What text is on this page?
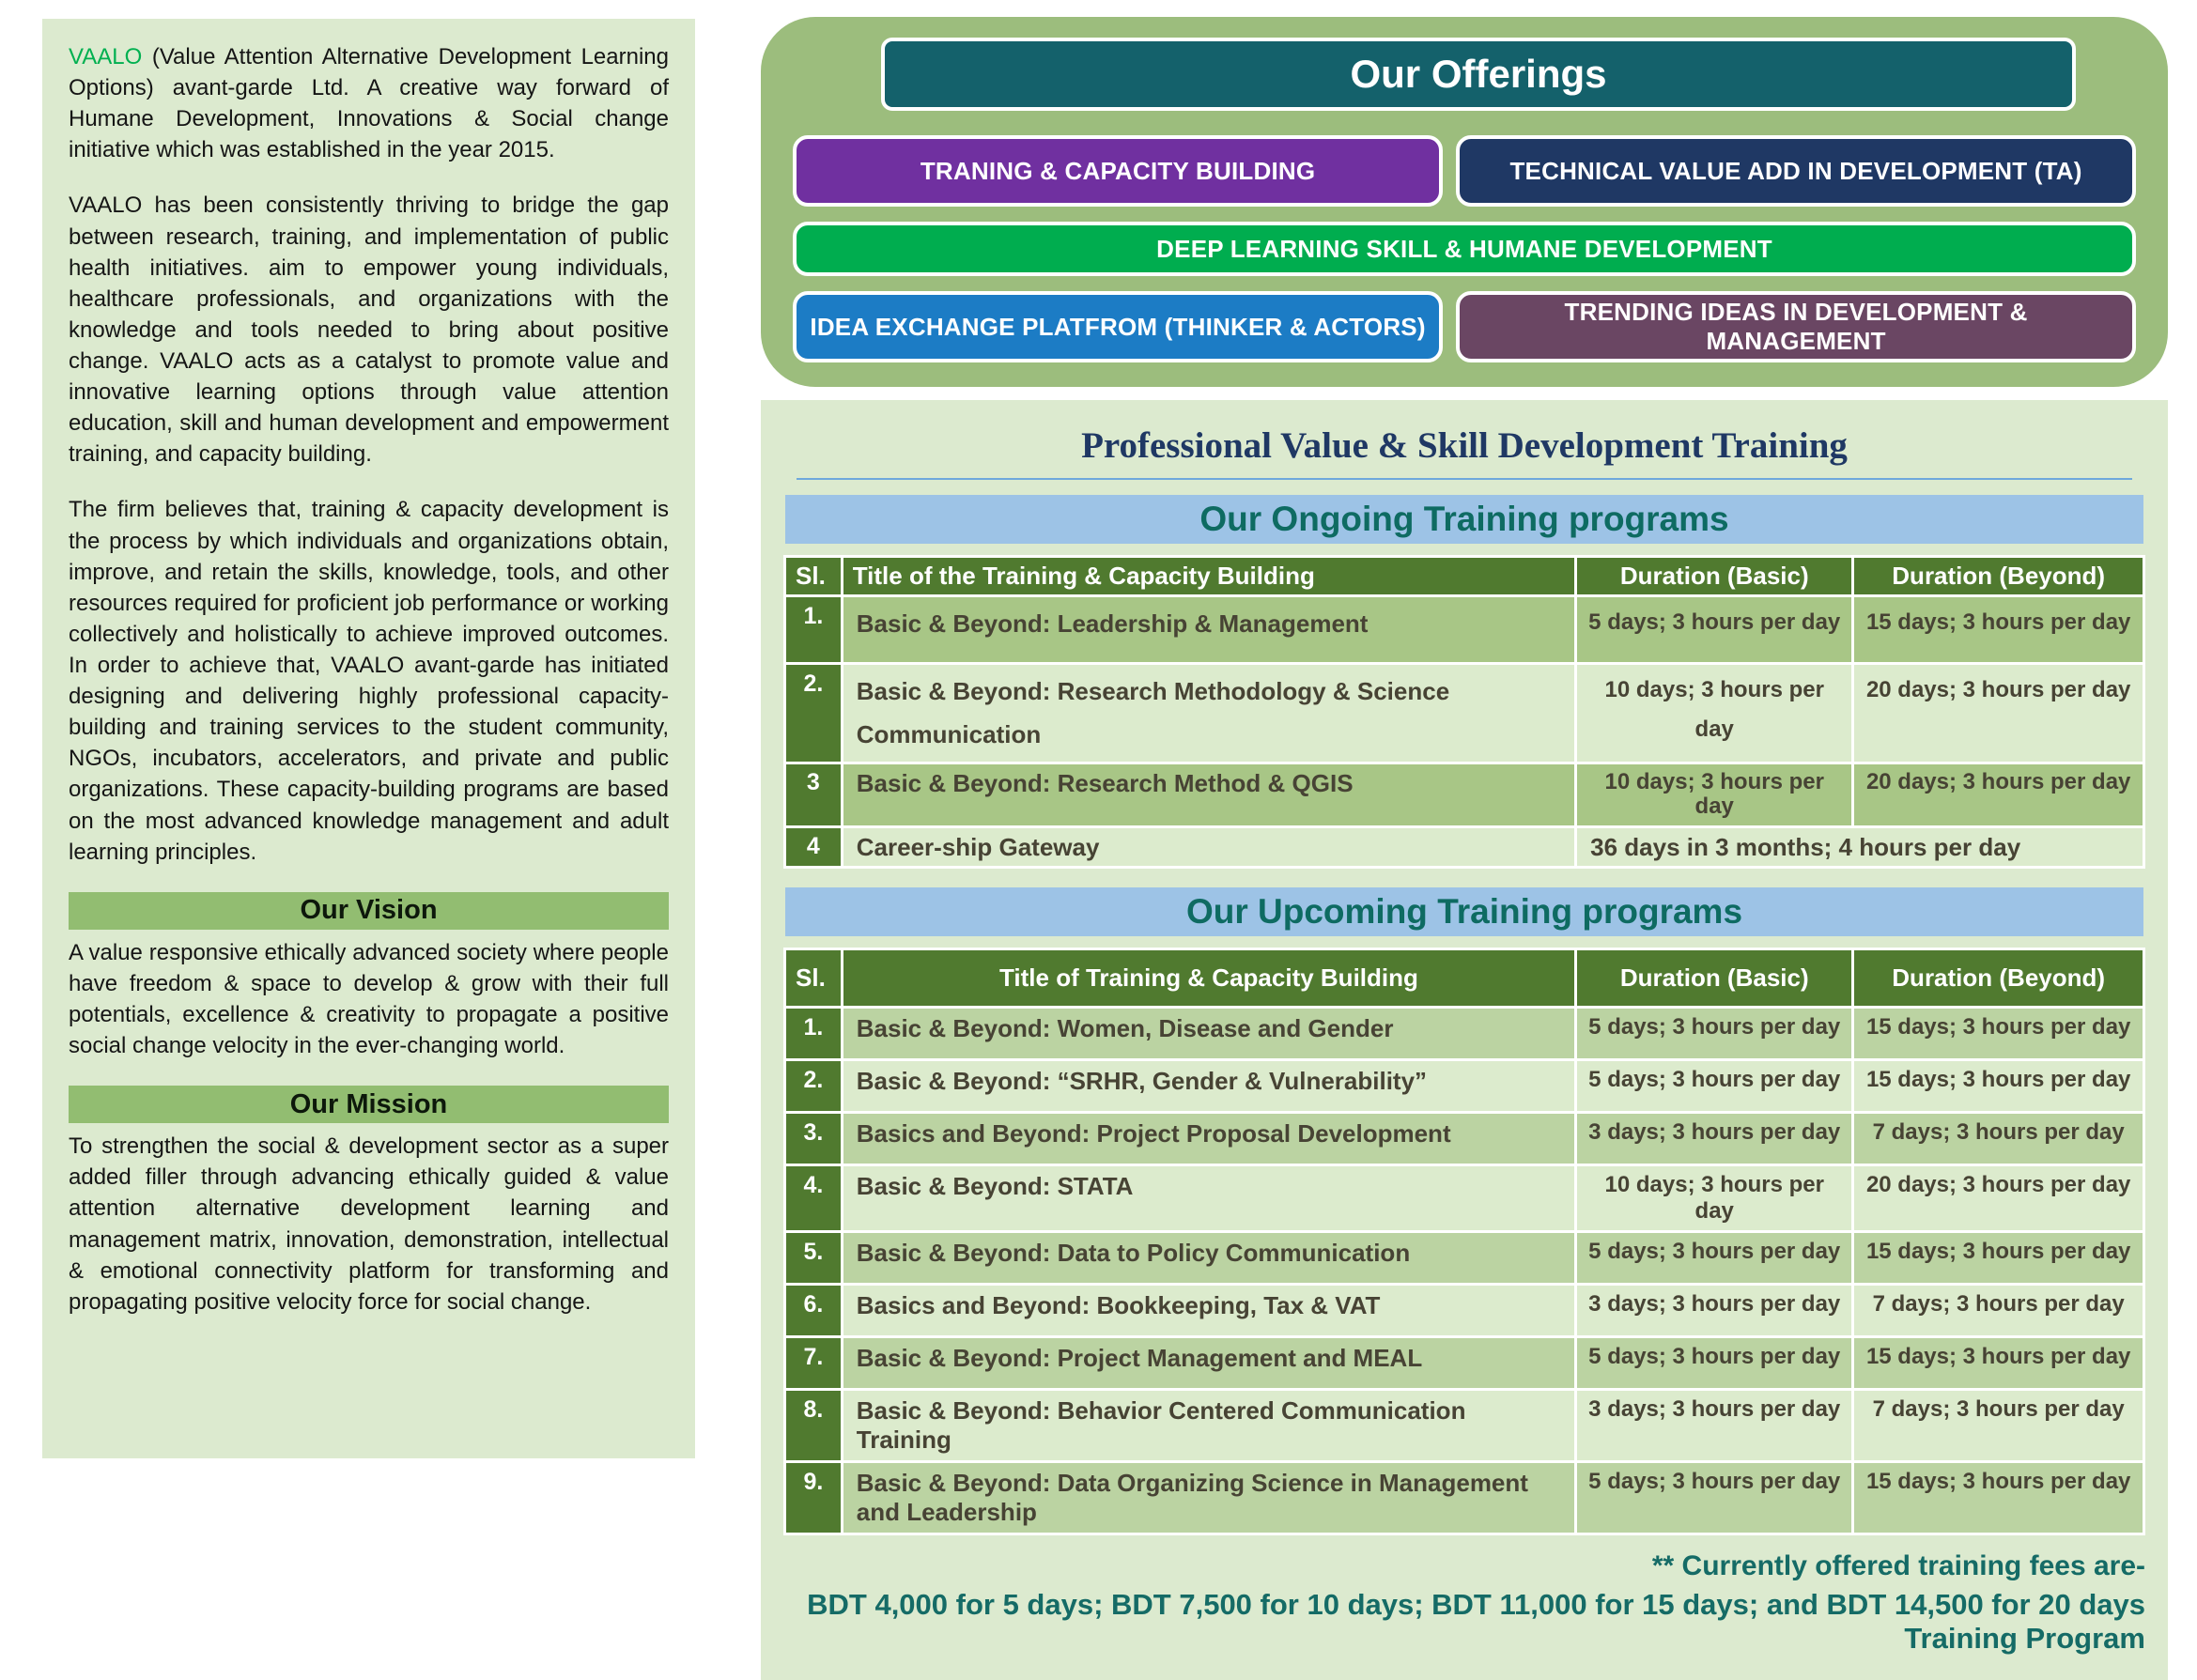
VAALO (Value Attention Alternative Development Learning Options) avant-garde Ltd. A creative way forward of Humane Development, Innovations & Social change initiative which was established in the year 2015.

VAALO has been consistently thriving to bridge the gap between research, training, and implementation of public health initiatives. aim to empower young individuals, healthcare professionals, and organizations with the knowledge and tools needed to bring about positive change. VAALO acts as a catalyst to promote value and innovative learning options through value attention education, skill and human development and empowerment training, and capacity building.

The firm believes that, training & capacity development is the process by which individuals and organizations obtain, improve, and retain the skills, knowledge, tools, and other resources required for proficient job performance or working collectively and holistically to achieve improved outcomes. In order to achieve that, VAALO avant-garde has initiated designing and delivering highly professional capacity-building and training services to the student community, NGOs, incubators, accelerators, and private and public organizations. These capacity-building programs are based on the most advanced knowledge management and adult learning principles.

Our Vision

A value responsive ethically advanced society where people have freedom & space to develop & grow with their full potentials, excellence & creativity to propagate a positive social change velocity in the ever-changing world.

Our Mission

To strengthen the social & development sector as a super added filler through advancing ethically guided & value attention alternative development learning and management matrix, innovation, demonstration, intellectual & emotional connectivity platform for transforming and propagating positive velocity force for social change.

Our Offerings
TRANING & CAPACITY BUILDING	TECHNICAL VALUE ADD IN DEVELOPMENT (TA)
DEEP LEARNING SKILL & HUMANE DEVELOPMENT
IDEA EXCHANGE PLATFROM (THINKER & ACTORS)
TRENDING IDEAS IN DEVELOPMENT & MANAGEMENT
Professional Value & Skill Development Training
Our Ongoing Training programs
Sl.	Title of the Training & Capacity Building	Duration (Basic)	Duration (Beyond)
1.	Basic & Beyond: Leadership & Management	5 days; 3 hours per day	15 days; 3 hours per day
2.	Basic & Beyond: Research Methodology & Science Communication	10 days; 3 hours per day	20 days; 3 hours per day
3	Basic & Beyond: Research Method & QGIS	10 days; 3 hours per day	20 days; 3 hours per day
4	Career-ship Gateway	36 days in 3 months; 4 hours per day	
Our Upcoming Training programs
Sl.	Title of Training & Capacity Building	Duration (Basic)	Duration (Beyond)
1.	Basic & Beyond: Women, Disease and Gender	5 days; 3 hours per day	15 days; 3 hours per day
2.	Basic & Beyond: “SRHR, Gender & Vulnerability”	5 days; 3 hours per day	15 days; 3 hours per day
3.	Basics and Beyond: Project Proposal Development	3 days; 3 hours per day	7 days; 3 hours per day
4.	Basic & Beyond: STATA	10 days; 3 hours per day	20 days; 3 hours per day
5.	Basic & Beyond: Data to Policy Communication	5 days; 3 hours per day	15 days; 3 hours per day
6.	Basics and Beyond: Bookkeeping, Tax & VAT	3 days; 3 hours per day	7 days; 3 hours per day
7.	Basic & Beyond: Project Management and MEAL	5 days; 3 hours per day	15 days; 3 hours per day
8.	Basic & Beyond: Behavior Centered Communication Training	3 days; 3 hours per day	7 days; 3 hours per day
9.	Basic & Beyond: Data Organizing Science in Management and Leadership	5 days; 3 hours per day	15 days; 3 hours per day
** Currently offered training fees are-
BDT 4,000 for 5 days; BDT 7,500 for 10 days; BDT 11,000 for 15 days; and BDT 14,500 for 20 days Training Program
